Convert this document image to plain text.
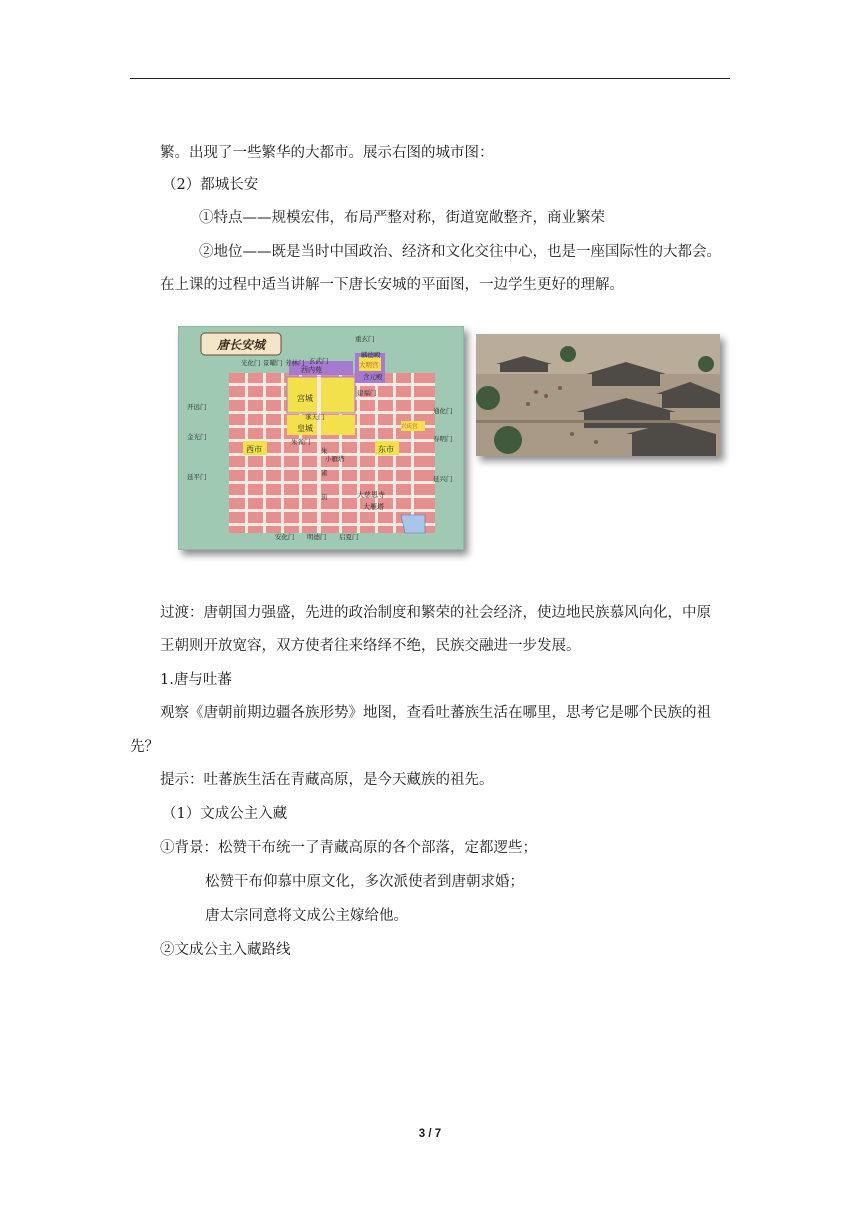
繁。出现了一些繁华的大都市。展示右图的城市图：
（2）都城长安
①特点——规模宏伟，布局严整对称，街道宽敞整齐，商业繁荣
②地位——既是当时中国政治、经济和文化交往中心，也是一座国际性的大都会。
在上课的过程中适当讲解一下唐长安城的平面图，一边学生更好的理解。
唐长安城
光化门 景曜门 芳林门 玄武门
重玄门
开远门
金光门
延平门
通化门
春明门
延兴门
安化门 明德门 启夏门
西内苑
大明宫
麟德殿
含元殿
宫城
承天门
皇城
朱雀门
兴庆宫
建福门
西市	东市
小雁塔
大慈恩寺
大雁塔
朱
雀
街
过渡：唐朝国力强盛，先进的政治制度和繁荣的社会经济，使边地民族慕风向化，中原
王朝则开放宽容，双方使者往来络绎不绝，民族交融进一步发展。
1.唐与吐蕃
观察《唐朝前期边疆各族形势》地图，查看吐蕃族生活在哪里，思考它是哪个民族的祖
先？
提示：吐蕃族生活在青藏高原，是今天藏族的祖先。
（1）文成公主入藏
①背景：松赞干布统一了青藏高原的各个部落，定都逻些；
松赞干布仰慕中原文化，多次派使者到唐朝求婚；
唐太宗同意将文成公主嫁给他。
②文成公主入藏路线
3 / 7
